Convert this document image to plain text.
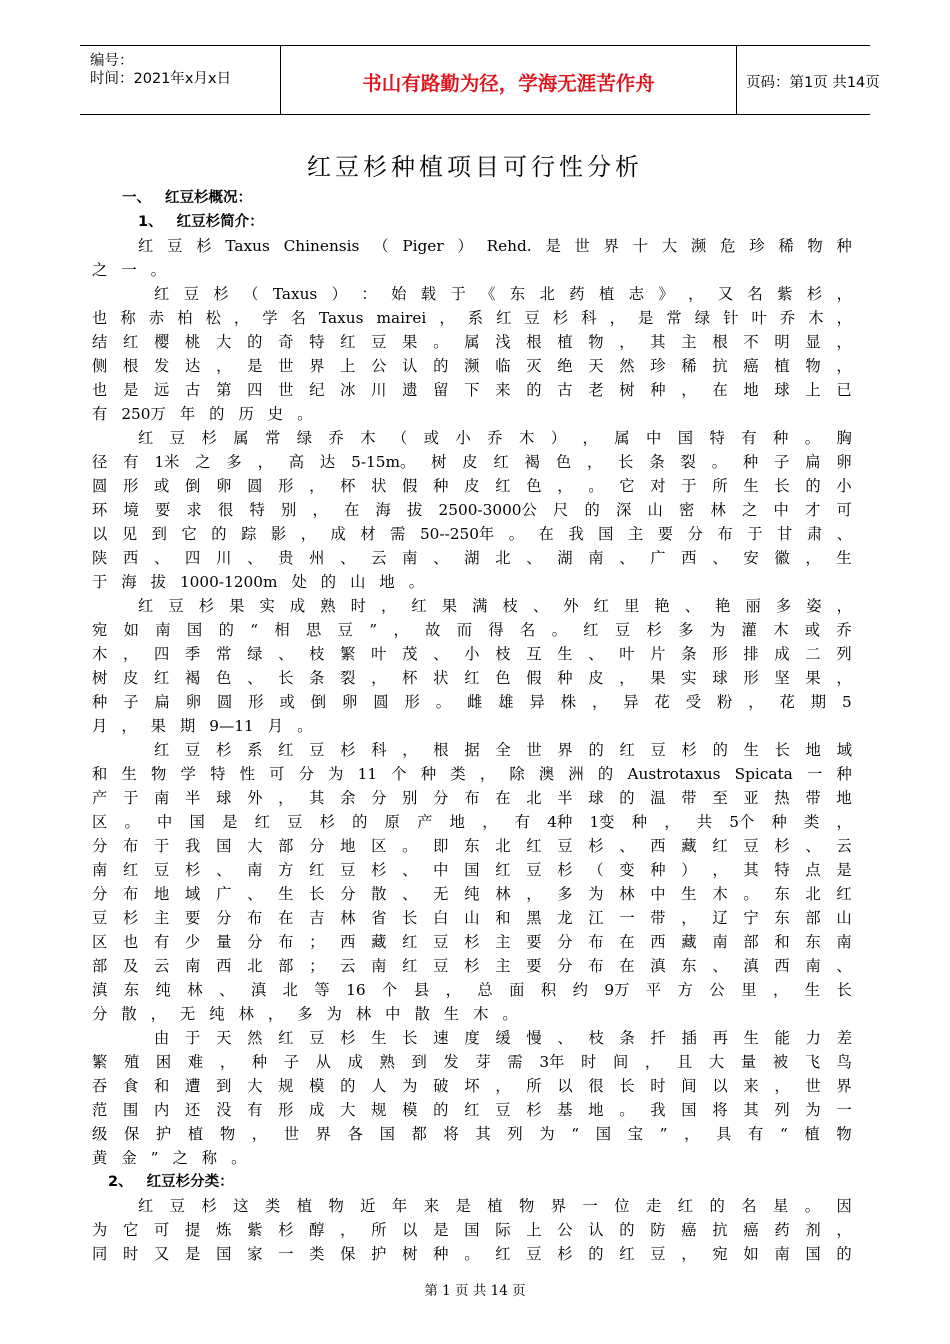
编号：
时间：2021年x月x日	书山有路勤为径，学海无涯苦作舟	页码：第1页 共14页
红豆杉种植项目可行性分析
一、 红豆杉概况：
1、 红豆杉简介：
红 豆 杉 Taxus Chinensis （ Piger ） Rehd. 是 世 界 十 大 濒 危 珍 稀 物 种
之 一 。
红 豆 杉 （ Taxus ） ： 始 载 于 《 东 北 药 植 志 》 ， 又 名 紫 杉 ，
也 称 赤 柏 松 ， 学 名 Taxus mairei ， 系 红 豆 杉 科 ， 是 常 绿 针 叶 乔 木 ，
结 红 樱 桃 大 的 奇 特 红 豆 果 。 属 浅 根 植 物 ， 其 主 根 不 明 显 ，
侧 根 发 达 ， 是 世 界 上 公 认 的 濒 临 灭 绝 天 然 珍 稀 抗 癌 植 物 ，
也 是 远 古 第 四 世 纪 冰 川 遗 留 下 来 的 古 老 树 种 ， 在 地 球 上 已
有 250万 年 的 历 史 。
红 豆 杉 属 常 绿 乔 木 （ 或 小 乔 木 ） ， 属 中 国 特 有 种 。 胸
径 有 1米 之 多 ， 高 达 5-15m。 树 皮 红 褐 色 ， 长 条 裂 。 种 子 扁 卵
圆 形 或 倒 卵 圆 形 ， 杯 状 假 种 皮 红 色 ， 。 它 对 于 所 生 长 的 小
环 境 要 求 很 特 别 ， 在 海 拔 2500-3000公 尺 的 深 山 密 林 之 中 才 可
以 见 到 它 的 踪 影 ， 成 材 需 50--250年 。 在 我 国 主 要 分 布 于 甘 肃 、
陕 西 、 四 川 、 贵 州 、 云 南 、 湖 北 、 湖 南 、 广 西 、 安 徽 ， 生
于 海 拔 1000-1200m 处 的 山 地 。
红 豆 杉 果 实 成 熟 时 ， 红 果 满 枝 、 外 红 里 艳 、 艳 丽 多 姿 ，
宛 如 南 国 的 “ 相 思 豆 ” ， 故 而 得 名 。 红 豆 杉 多 为 灌 木 或 乔
木 ， 四 季 常 绿 、 枝 繁 叶 茂 、 小 枝 互 生 、 叶 片 条 形 排 成 二 列
树 皮 红 褐 色 、 长 条 裂 ， 杯 状 红 色 假 种 皮 ， 果 实 球 形 坚 果 ，
种 子 扁 卵 圆 形 或 倒 卵 圆 形 。 雌 雄 异 株 ， 异 花 受 粉 ， 花 期 5
月 ， 果 期 9—11 月 。
红 豆 杉 系 红 豆 杉 科 ， 根 据 全 世 界 的 红 豆 杉 的 生 长 地 域
和 生 物 学 特 性 可 分 为 11 个 种 类 ， 除 澳 洲 的 Austrotaxus Spicata 一 种
产 于 南 半 球 外 ， 其 余 分 别 分 布 在 北 半 球 的 温 带 至 亚 热 带 地
区 。 中 国 是 红 豆 杉 的 原 产 地 ， 有 4种 1变 种 ， 共 5个 种 类 ，
分 布 于 我 国 大 部 分 地 区 。 即 东 北 红 豆 杉 、 西 藏 红 豆 杉 、 云
南 红 豆 杉 、 南 方 红 豆 杉 、 中 国 红 豆 杉 （ 变 种 ） ， 其 特 点 是
分 布 地 域 广 、 生 长 分 散 、 无 纯 林 ， 多 为 林 中 生 木 。 东 北 红
豆 杉 主 要 分 布 在 吉 林 省 长 白 山 和 黑 龙 江 一 带 ， 辽 宁 东 部 山
区 也 有 少 量 分 布 ； 西 藏 红 豆 杉 主 要 分 布 在 西 藏 南 部 和 东 南
部 及 云 南 西 北 部 ； 云 南 红 豆 杉 主 要 分 布 在 滇 东 、 滇 西 南 、
滇 东 纯 林 、 滇 北 等 16 个 县 ， 总 面 积 约 9万 平 方 公 里 ， 生 长
分 散 ， 无 纯 林 ， 多 为 林 中 散 生 木 。
由 于 天 然 红 豆 杉 生 长 速 度 缓 慢 、 枝 条 扦 插 再 生 能 力 差
繁 殖 困 难 ， 种 子 从 成 熟 到 发 芽 需 3年 时 间 ， 且 大 量 被 飞 鸟
吞 食 和 遭 到 大 规 模 的 人 为 破 坏 ， 所 以 很 长 时 间 以 来 ， 世 界
范 围 内 还 没 有 形 成 大 规 模 的 红 豆 杉 基 地 。 我 国 将 其 列 为 一
级 保 护 植 物 ， 世 界 各 国 都 将 其 列 为 “ 国 宝 ” ， 具 有 “ 植 物
黄 金 ” 之 称 。
2、 红豆杉分类：
红 豆 杉 这 类 植 物 近 年 来 是 植 物 界 一 位 走 红 的 名 星 。 因
为 它 可 提 炼 紫 杉 醇 ， 所 以 是 国 际 上 公 认 的 防 癌 抗 癌 药 剂 ，
同 时 又 是 国 家 一 类 保 护 树 种 。 红 豆 杉 的 红 豆 ， 宛 如 南 国 的
第 1 页 共 14 页
